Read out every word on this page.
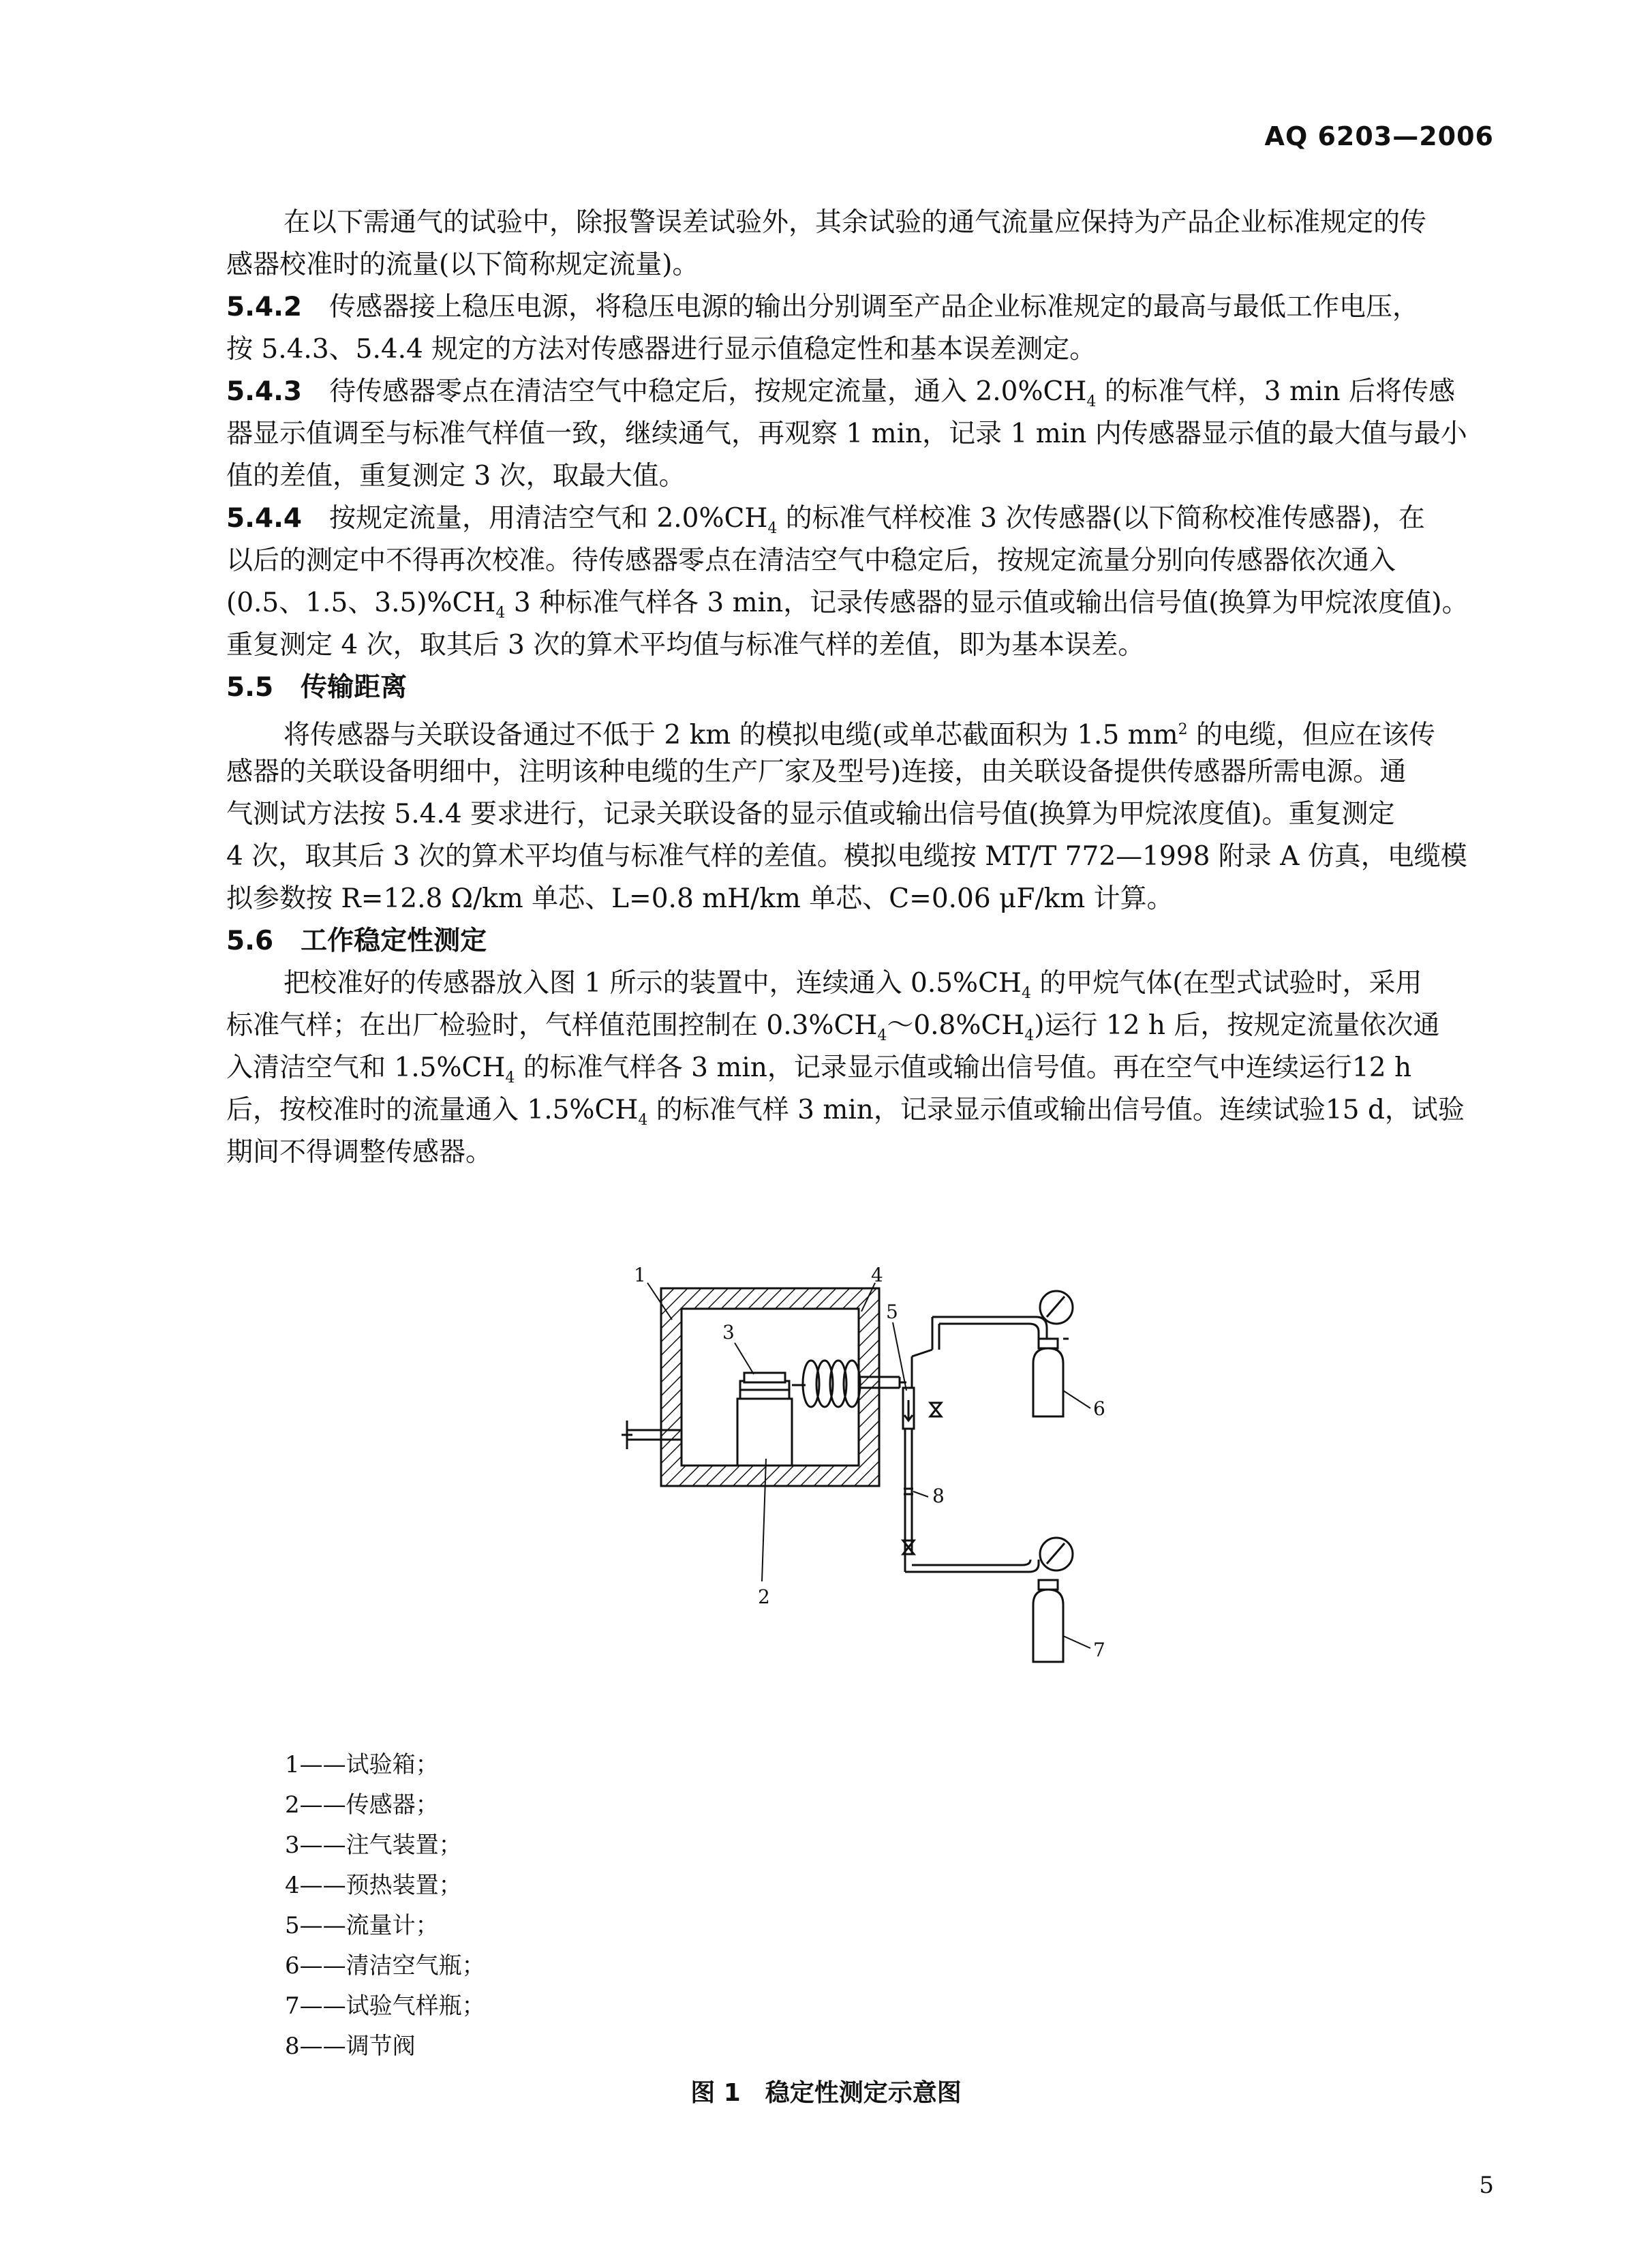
AQ 6203—2006
在以下需通气的试验中，除报警误差试验外，其余试验的通气流量应保持为产品企业标准规定的传
感器校准时的流量(以下简称规定流量)。
5.4.2 传感器接上稳压电源，将稳压电源的输出分别调至产品企业标准规定的最高与最低工作电压，
按 5.4.3、5.4.4 规定的方法对传感器进行显示值稳定性和基本误差测定。
5.4.3 待传感器零点在清洁空气中稳定后，按规定流量，通入 $2.0\%CH_4$ 的标准气样，3 min 后将传感
器显示值调至与标准气样值一致，继续通气，再观察 1 min，记录 1 min 内传感器显示值的最大值与最小
值的差值，重复测定 3 次，取最大值。
5.4.4 按规定流量，用清洁空气和 $2.0\%CH_4$ 的标准气样校准 3 次传感器(以下简称校准传感器)，在
以后的测定中不得再次校准。待传感器零点在清洁空气中稳定后，按规定流量分别向传感器依次通入
(0.5、1.5、$3.5)\%CH_4$ 3 种标准气样各 3 min，记录传感器的显示值或输出信号值(换算为甲烷浓度值)。
重复测定 4 次，取其后 3 次的算术平均值与标准气样的差值，即为基本误差。
5.5 传输距离
将传感器与关联设备通过不低于 2 km 的模拟电缆(或单芯截面积为 1.5 $mm^2$ 的电缆，但应在该传
感器的关联设备明细中，注明该种电缆的生产厂家及型号)连接，由关联设备提供传感器所需电源。通
气测试方法按 5.4.4 要求进行，记录关联设备的显示值或输出信号值(换算为甲烷浓度值)。重复测定
4 次，取其后 3 次的算术平均值与标准气样的差值。模拟电缆按 MT/T 772—1998 附录 A 仿真，电缆模
拟参数按 R=12.8 Ω/km 单芯、L=0.8 mH/km 单芯、C=0.06 μF/km 计算。
5.6 工作稳定性测定
把校准好的传感器放入图 1 所示的装置中，连续通入 $0.5\%CH_4$ 的甲烷气体(在型式试验时，采用
标准气样；在出厂检验时，气样值范围控制在 $0.3\%CH_4\sim 0.8\%CH_4$)运行 12 h 后，按规定流量依次通
入清洁空气和 $1.5\%CH_4$ 的标准气样各 3 min，记录显示值或输出信号值。再在空气中连续运行12 h
后，按校准时的流量通入 $1.5\%CH_4$ 的标准气样 3 min，记录显示值或输出信号值。连续试验15 d，试验
期间不得调整传感器。
1
2
3
4
5
6
7
8
1——试验箱；
2——传感器；
3——注气装置；
4——预热装置；
5——流量计；
6——清洁空气瓶；
7——试验气样瓶；
8——调节阀
图 1　稳定性测定示意图
5
